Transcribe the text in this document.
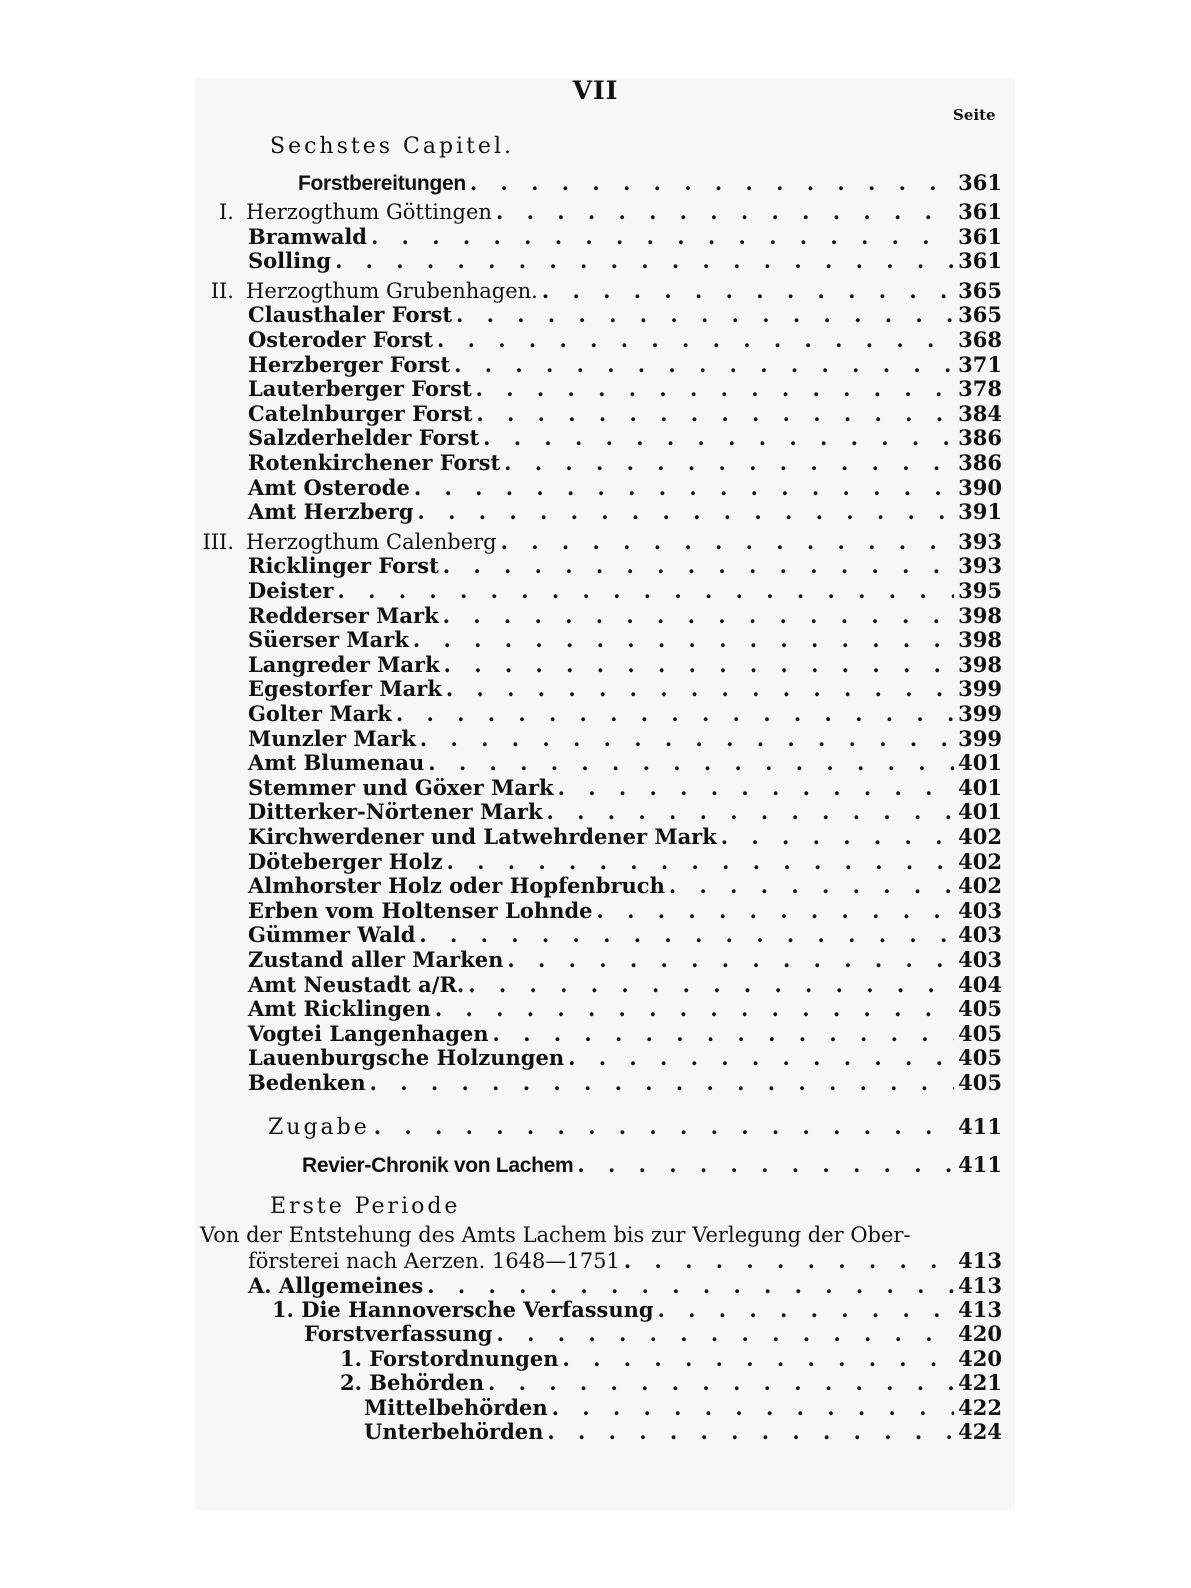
VII
Seite
Sechstes Capitel.
Forstbereitungen . . .	361
I. Herzogthum Göttingen . . .	361
Bramwald . . .	361
Solling . . .	361
II. Herzogthum Grubenhagen. . . .	365
Clausthaler Forst . . .	365
Osteroder Forst . . .	368
Herzberger Forst . . .	371
Lauterberger Forst . . .	378
Catelnburger Forst . . .	384
Salzderhelder Forst . . .	386
Rotenkirchener Forst . . .	386
Amt Osterode . . .	390
Amt Herzberg . . .	391
III. Herzogthum Calenberg . . .	393
Ricklinger Forst . . .	393
Deister . . .	395
Redderser Mark . . .	398
Süerser Mark . . .	398
Langreder Mark . . .	398
Egestorfer Mark . . .	399
Golter Mark . . .	399
Munzler Mark . . .	399
Amt Blumenau . . .	401
Stemmer und Göxer Mark . . .	401
Ditterker-Nörtener Mark . . .	401
Kirchwerdener und Latwehrdener Mark . . .	402
Döteberger Holz . . .	402
Almhorster Holz oder Hopfenbruch . . .	402
Erben vom Holtenser Lohnde . . .	403
Gümmer Wald . . .	403
Zustand aller Marken . . .	403
Amt Neustadt a/R. . . .	404
Amt Ricklingen . . .	405
Vogtei Langenhagen . . .	405
Lauenburgsche Holzungen . . .	405
Bedenken . . .	405
Zugabe . . .	411
Revier-Chronik von Lachem . . .	411
Erste Periode
Von der Entstehung des Amts Lachem bis zur Verlegung der Ober-
försterei nach Aerzen. 1648—1751 . . .	413
A. Allgemeines . . .	413
1. Die Hannoversche Verfassung . . .	413
Forstverfassung . . .	420
1. Forstordnungen . . .	420
2. Behörden . . .	421
Mittelbehörden . . .	422
Unterbehörden . . .	424
